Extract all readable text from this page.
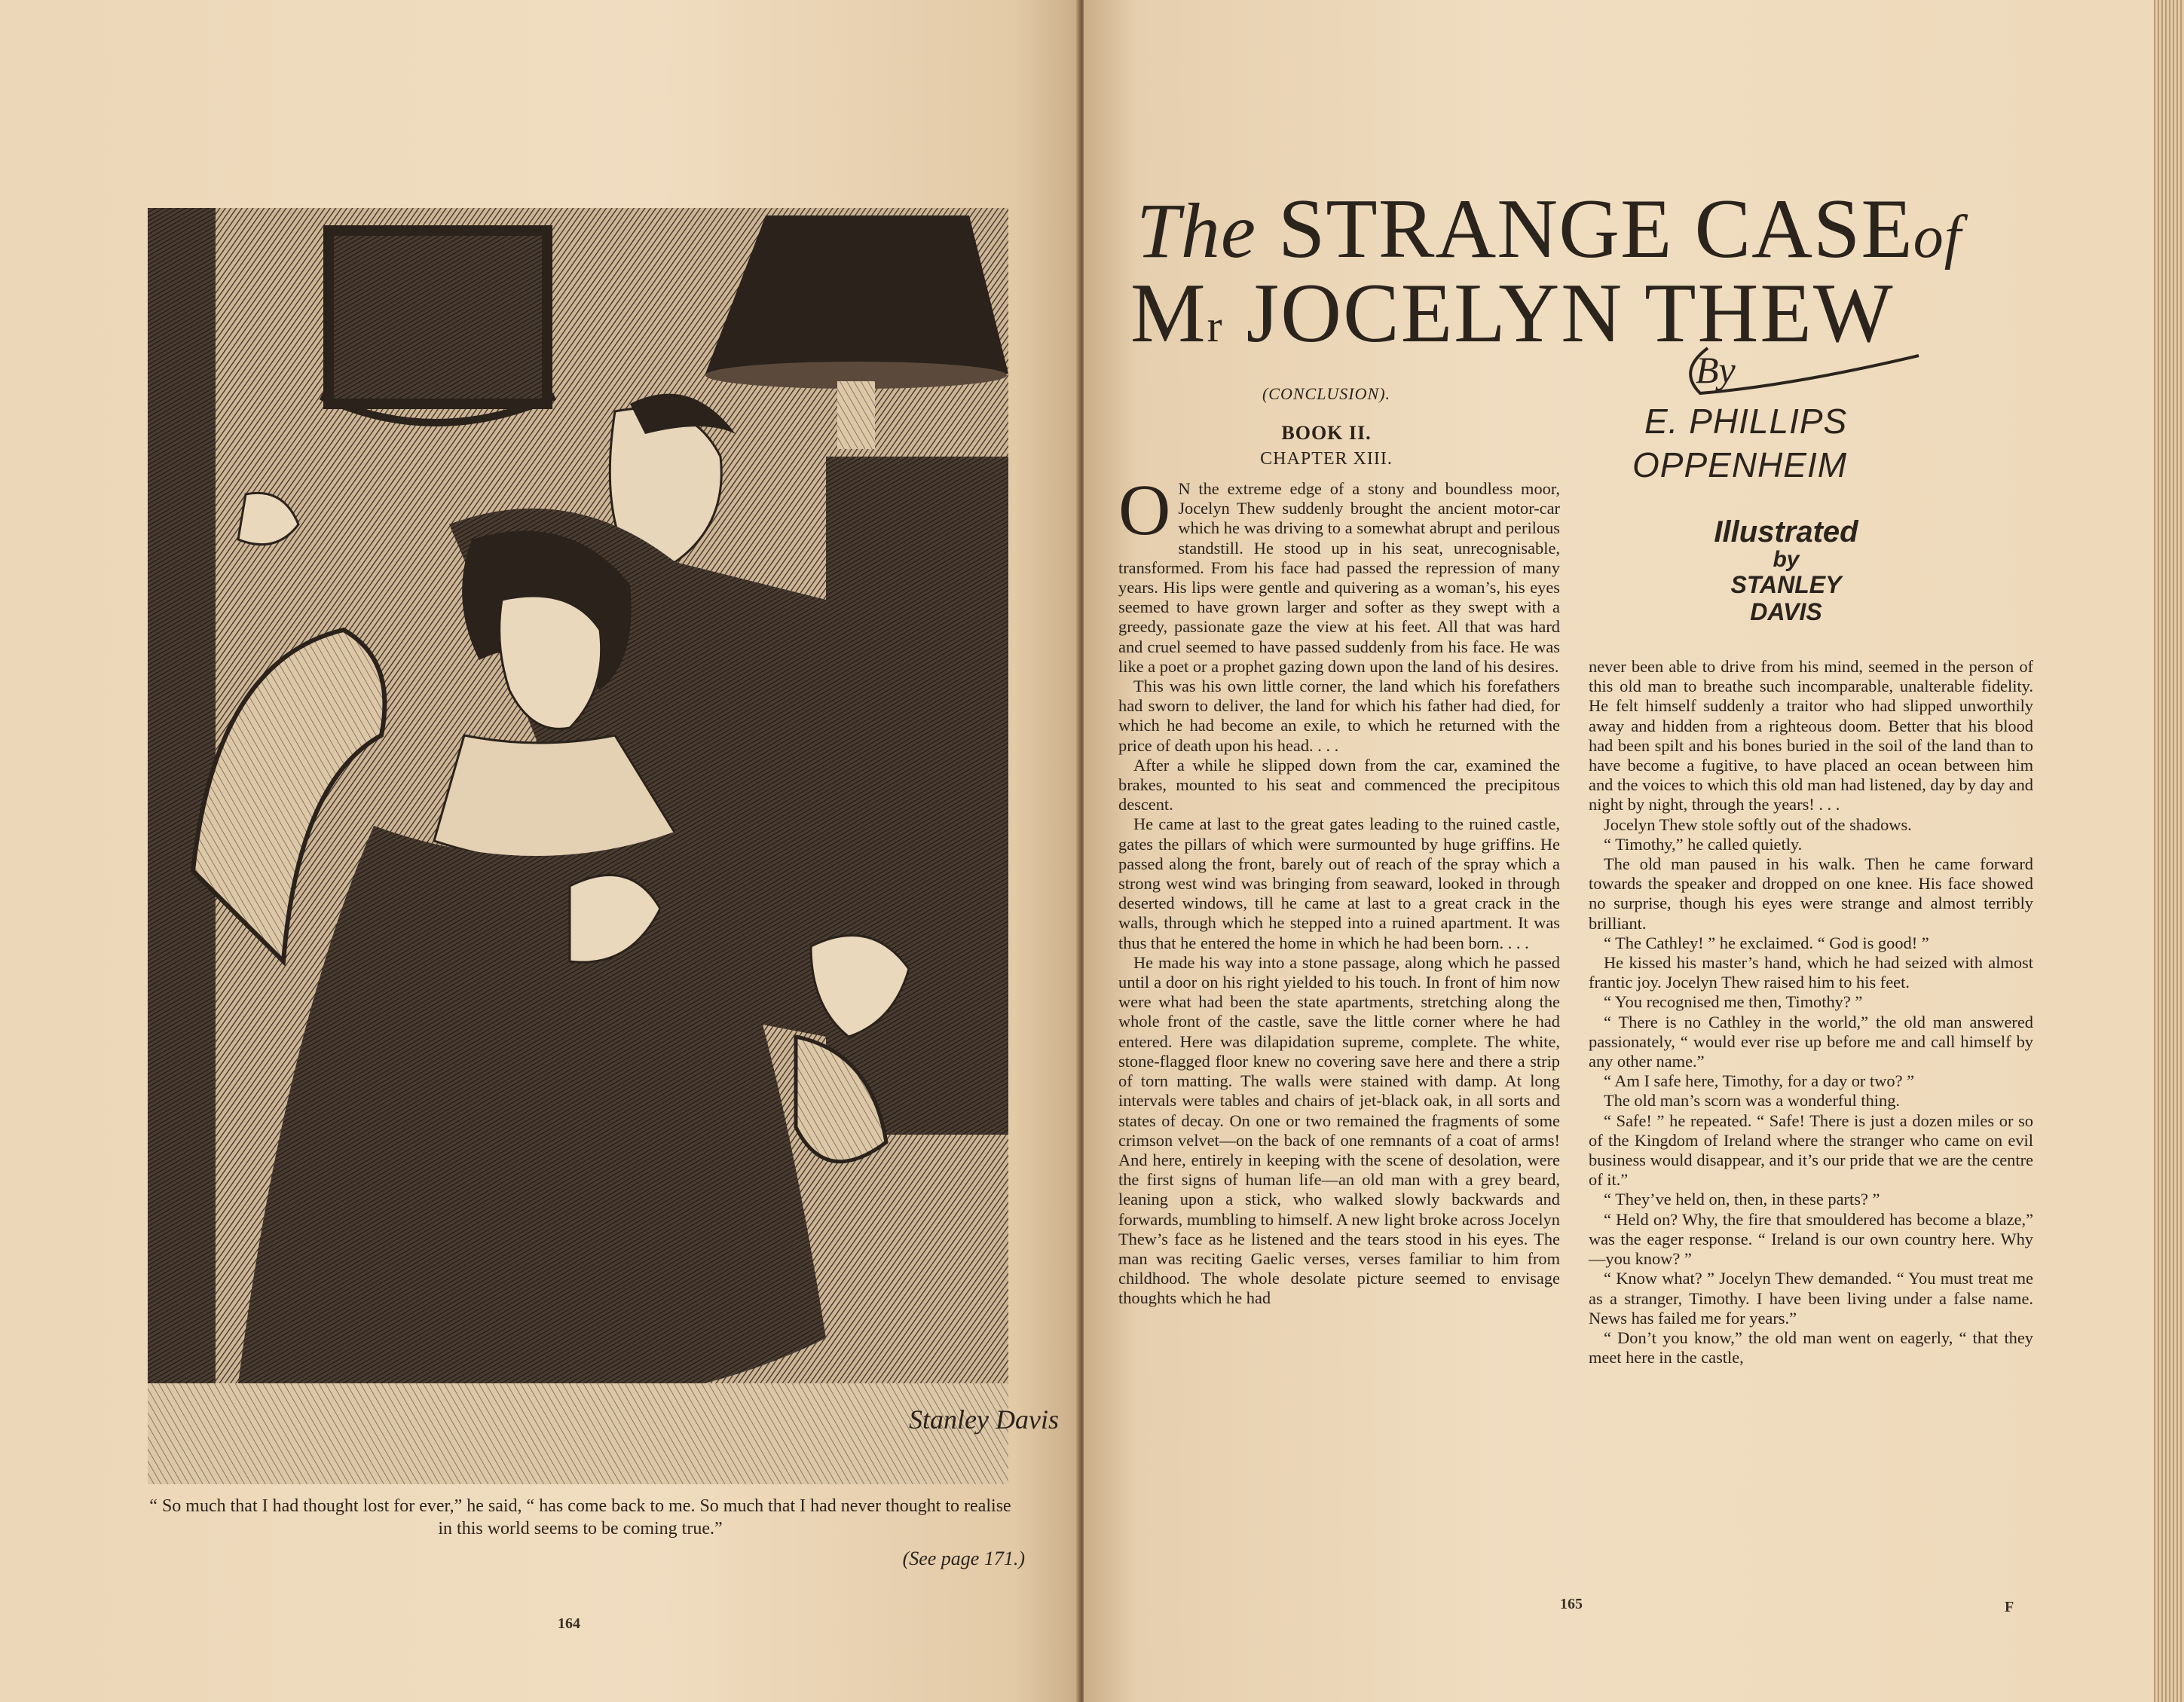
Stanley Davis
“ So much that I had thought lost for ever,” he said, “ has come back to me. So much that I had never thought to realise in this world seems to be coming true.”
(See page 171.)
164
The STRANGE CASEof
Mr JOCELYN THEW
By
E. PHILLIPS
OPPENHEIM
Illustrated
by
STANLEY
DAVIS
(CONCLUSION).
BOOK II.
CHAPTER XIII.

O N the extreme edge of a stony and boundless moor, Jocelyn Thew suddenly brought the ancient motor-car which he was driving to a somewhat abrupt and perilous standstill. He stood up in his seat, unrecognisable, transformed. From his face had passed the repression of many years. His lips were gentle and quivering as a woman’s, his eyes seemed to have grown larger and softer as they swept with a greedy, passionate gaze the view at his feet. All that was hard and cruel seemed to have passed suddenly from his face. He was like a poet or a prophet gazing down upon the land of his desires.

This was his own little corner, the land which his forefathers had sworn to deliver, the land for which his father had died, for which he had become an exile, to which he returned with the price of death upon his head. . . .

After a while he slipped down from the car, examined the brakes, mounted to his seat and commenced the precipitous descent.

He came at last to the great gates leading to the ruined castle, gates the pillars of which were surmounted by huge griffins. He passed along the front, barely out of reach of the spray which a strong west wind was bringing from seaward, looked in through deserted windows, till he came at last to a great crack in the walls, through which he stepped into a ruined apartment. It was thus that he entered the home in which he had been born. . . .

He made his way into a stone passage, along which he passed until a door on his right yielded to his touch. In front of him now were what had been the state apartments, stretching along the whole front of the castle, save the little corner where he had entered. Here was dilapidation supreme, complete. The white, stone-flagged floor knew no covering save here and there a strip of torn matting. The walls were stained with damp. At long intervals were tables and chairs of jet-black oak, in all sorts and states of decay. On one or two remained the fragments of some crimson velvet—on the back of one remnants of a coat of arms! And here, entirely in keeping with the scene of desolation, were the first signs of human life—an old man with a grey beard, leaning upon a stick, who walked slowly backwards and forwards, mumbling to himself. A new light broke across Jocelyn Thew’s face as he listened and the tears stood in his eyes. The man was reciting Gaelic verses, verses familiar to him from childhood. The whole desolate picture seemed to envisage thoughts which he had

never been able to drive from his mind, seemed in the person of this old man to breathe such incomparable, unalterable fidelity. He felt himself suddenly a traitor who had slipped unworthily away and hidden from a righteous doom. Better that his blood had been spilt and his bones buried in the soil of the land than to have become a fugitive, to have placed an ocean between him and the voices to which this old man had listened, day by day and night by night, through the years! . . .

Jocelyn Thew stole softly out of the shadows.

“ Timothy,” he called quietly.

The old man paused in his walk. Then he came forward towards the speaker and dropped on one knee. His face showed no surprise, though his eyes were strange and almost terribly brilliant.

“ The Cathley! ” he exclaimed. “ God is good! ”

He kissed his master’s hand, which he had seized with almost frantic joy. Jocelyn Thew raised him to his feet.

“ You recognised me then, Timothy? ”

“ There is no Cathley in the world,” the old man answered passionately, “ would ever rise up before me and call himself by any other name.”

“ Am I safe here, Timothy, for a day or two? ”

The old man’s scorn was a wonderful thing.

“ Safe! ” he repeated. “ Safe! There is just a dozen miles or so of the Kingdom of Ireland where the stranger who came on evil business would disappear, and it’s our pride that we are the centre of it.”

“ They’ve held on, then, in these parts? ”

“ Held on? Why, the fire that smouldered has become a blaze,” was the eager response. “ Ireland is our own country here. Why—you know? ”

“ Know what? ” Jocelyn Thew demanded. “ You must treat me as a stranger, Timothy. I have been living under a false name. News has failed me for years.”

“ Don’t you know,” the old man went on eagerly, “ that they meet here in the castle,

165	F
